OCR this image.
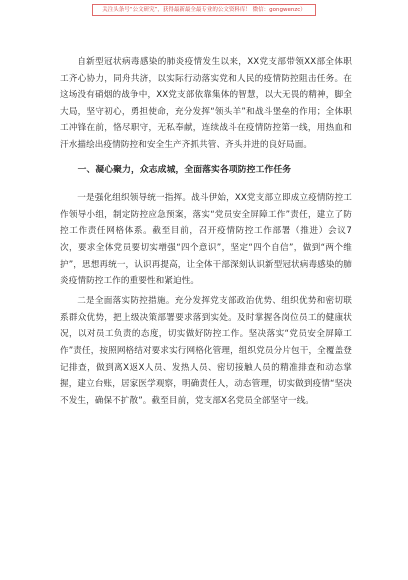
关注头条号“公文研究”，获得最新最全最专业的公文资料库！ 微信：gongwenzc）

自新型冠状病毒感染的肺炎疫情发生以来，XX党支部带领XX部全体职工齐心协力，同舟共济，以实际行动落实党和人民的疫情防控阻击任务。在这场没有硝烟的战争中，XX党支部依靠集体的智慧，以大无畏的精神，脚全大局，坚守初心，勇担使命，充分发挥“领头羊”和战斗堡垒的作用；全体职工冲锋在前，恪尽职守，无私奉献，连续战斗在疫情防控第一线，用热血和汗水描绘出疫情防控和安全生产齐抓共管、齐头并进的良好局面。

一、凝心聚力，众志成城，全面落实各项防控工作任务

一是强化组织领导统一指挥。战斗伊始，XX党支部立即成立疫情防控工作领导小组，制定防控应急预案，落实“党员安全屏障工作”责任，建立了防控工作责任网格体系。截至目前，召开疫情防控工作部署（推进）会议7次，要求全体党员要切实增强“四个意识”，坚定“四个自信”，做到“两个维护”，思想再统一，认识再提高，让全体干部深刻认识新型冠状病毒感染的肺炎疫情防控工作的重要性和紧迫性。

二是全面落实防控措施。充分发挥党支部政治优势、组织优势和密切联系群众优势，把上级决策部署要求落到实处。及时掌握各岗位员工的健康状况，以对员工负责的态度，切实做好防控工作。坚决落实“党员安全屏障工作”责任，按照网格结对要求实行网格化管理，组织党员分片包干，全覆盖登记排查，做到离X返X人员、发热人员、密切接触人员的精准排查和动态掌握，建立台账，居家医学观察，明确责任人，动态管理，切实做到疫情“坚决不发生，确保不扩散”。截至目前，党支部X名党员全部坚守一线。
